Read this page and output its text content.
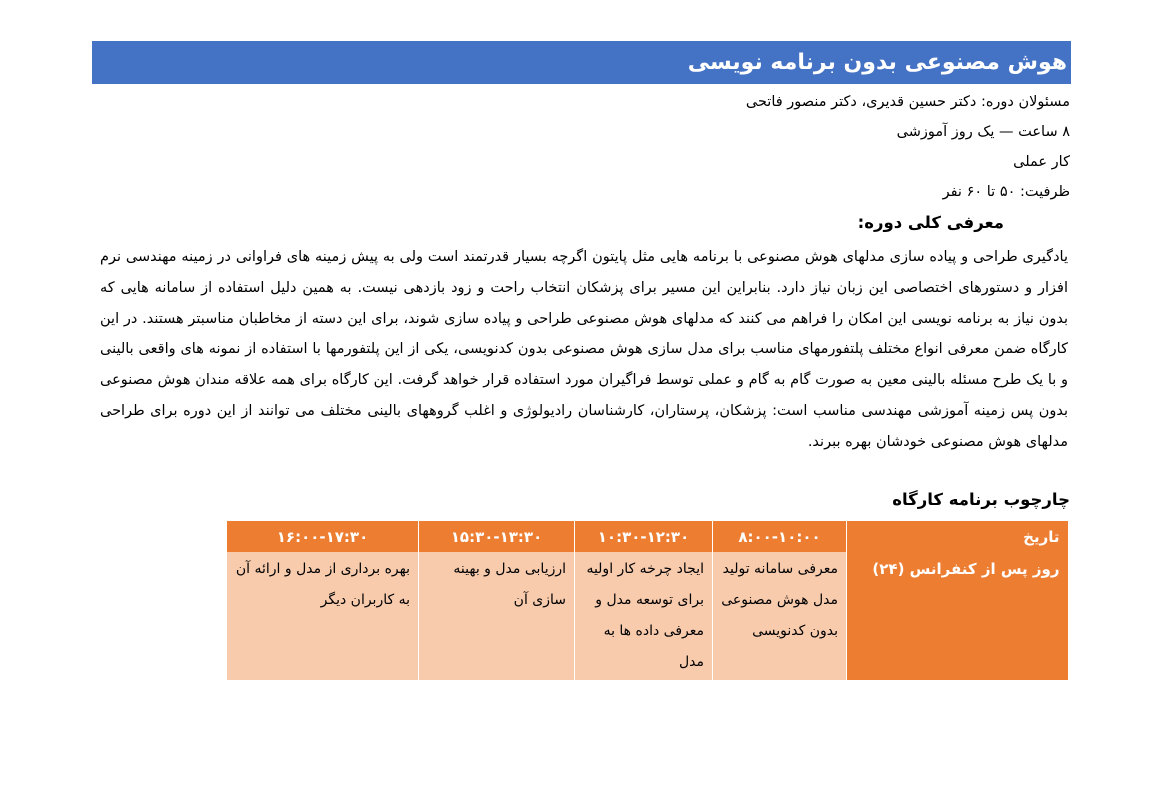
هوش مصنوعی بدون برنامه نویسی
مسئولان دوره: دکتر حسین قدیری، دکتر منصور فاتحی
۸ ساعت — یک روز آموزشی
کار عملی
ظرفیت: ۵۰ تا ۶۰ نفر
معرفی کلی دوره:
یادگیری طراحی و پیاده سازی مدلهای هوش مصنوعی با برنامه هایی مثل پایتون اگرچه بسیار قدرتمند است ولی به پیش زمینه های فراوانی در زمینه مهندسی نرم افزار و دستورهای اختصاصی این زبان نیاز دارد. بنابراین این مسیر برای پزشکان انتخاب راحت و زود بازدهی نیست. به همین دلیل استفاده از سامانه هایی که بدون نیاز به برنامه نویسی این امکان را فراهم می کنند که مدلهای هوش مصنوعی طراحی و پیاده سازی شوند، برای این دسته از مخاطبان مناسبتر هستند. در این کارگاه ضمن معرفی انواع مختلف پلتفورمهای مناسب برای مدل سازی هوش مصنوعی بدون کدنویسی، یکی از این پلتفورمها با استفاده از نمونه های واقعی بالینی و با یک طرح مسئله بالینی معین به صورت گام به گام و عملی توسط فراگیران مورد استفاده قرار خواهد گرفت. این کارگاه برای همه علاقه مندان هوش مصنوعی بدون پس زمینه آموزشی مهندسی مناسب است: پزشکان، پرستاران، کارشناسان رادیولوژی و اغلب گروههای بالینی مختلف می توانند از این دوره برای طراحی مدلهای هوش مصنوعی خودشان بهره ببرند.
چارچوب برنامه کارگاه
تاریخ	۸:۰۰-۱۰:۰۰	۱۰:۳۰-۱۲:۳۰	۱۵:۳۰-۱۳:۳۰	۱۶:۰۰-۱۷:۳۰
روز پس از کنفرانس (۲۴)	معرفی سامانه تولید مدل هوش مصنوعی بدون کدنویسی	ایجاد چرخه کار اولیه برای توسعه مدل و معرفی داده ها به مدل	ارزیابی مدل و بهینه سازی آن	بهره برداری از مدل و ارائه آن به کاربران دیگر
